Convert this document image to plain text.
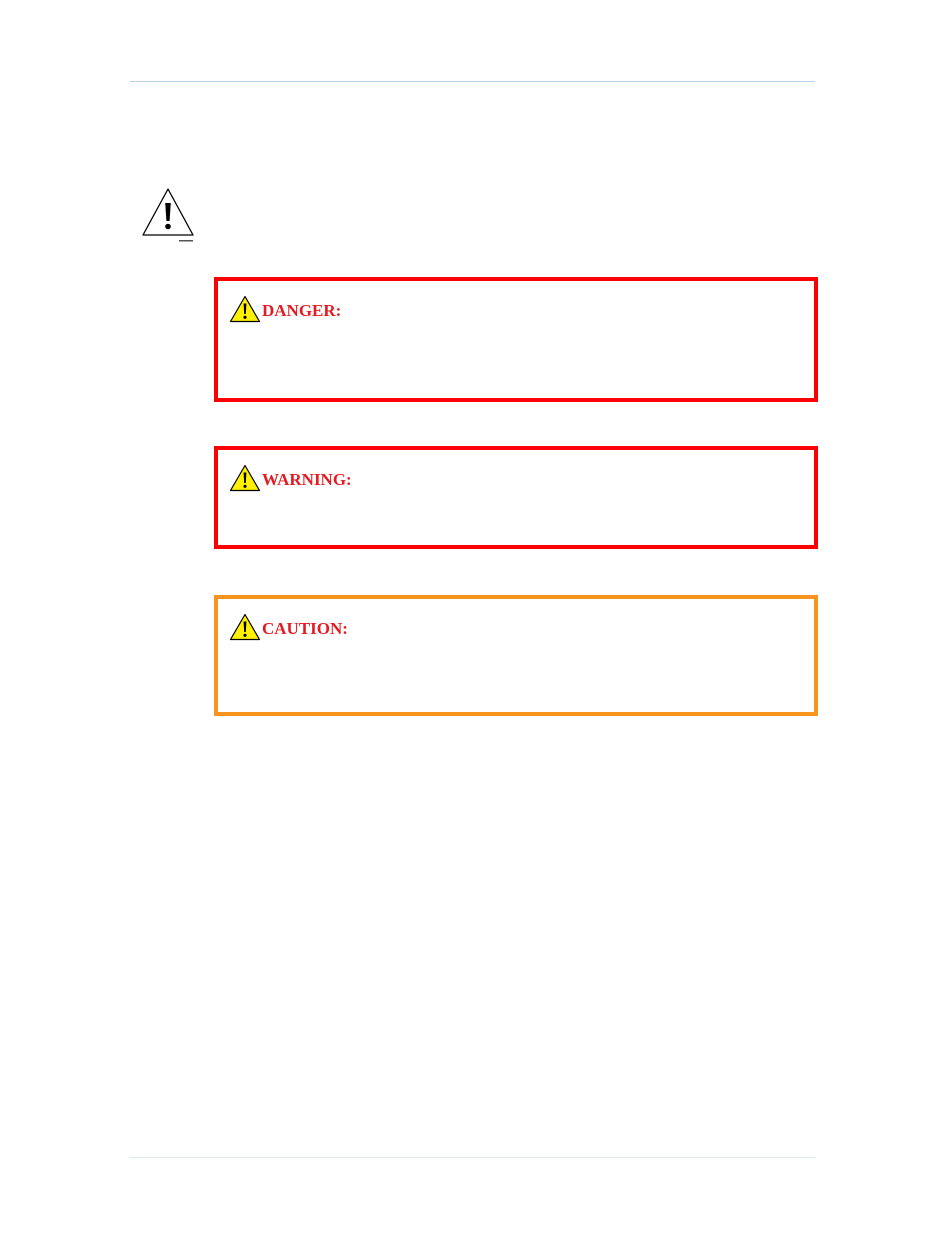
DANGER:
WARNING:
CAUTION:
